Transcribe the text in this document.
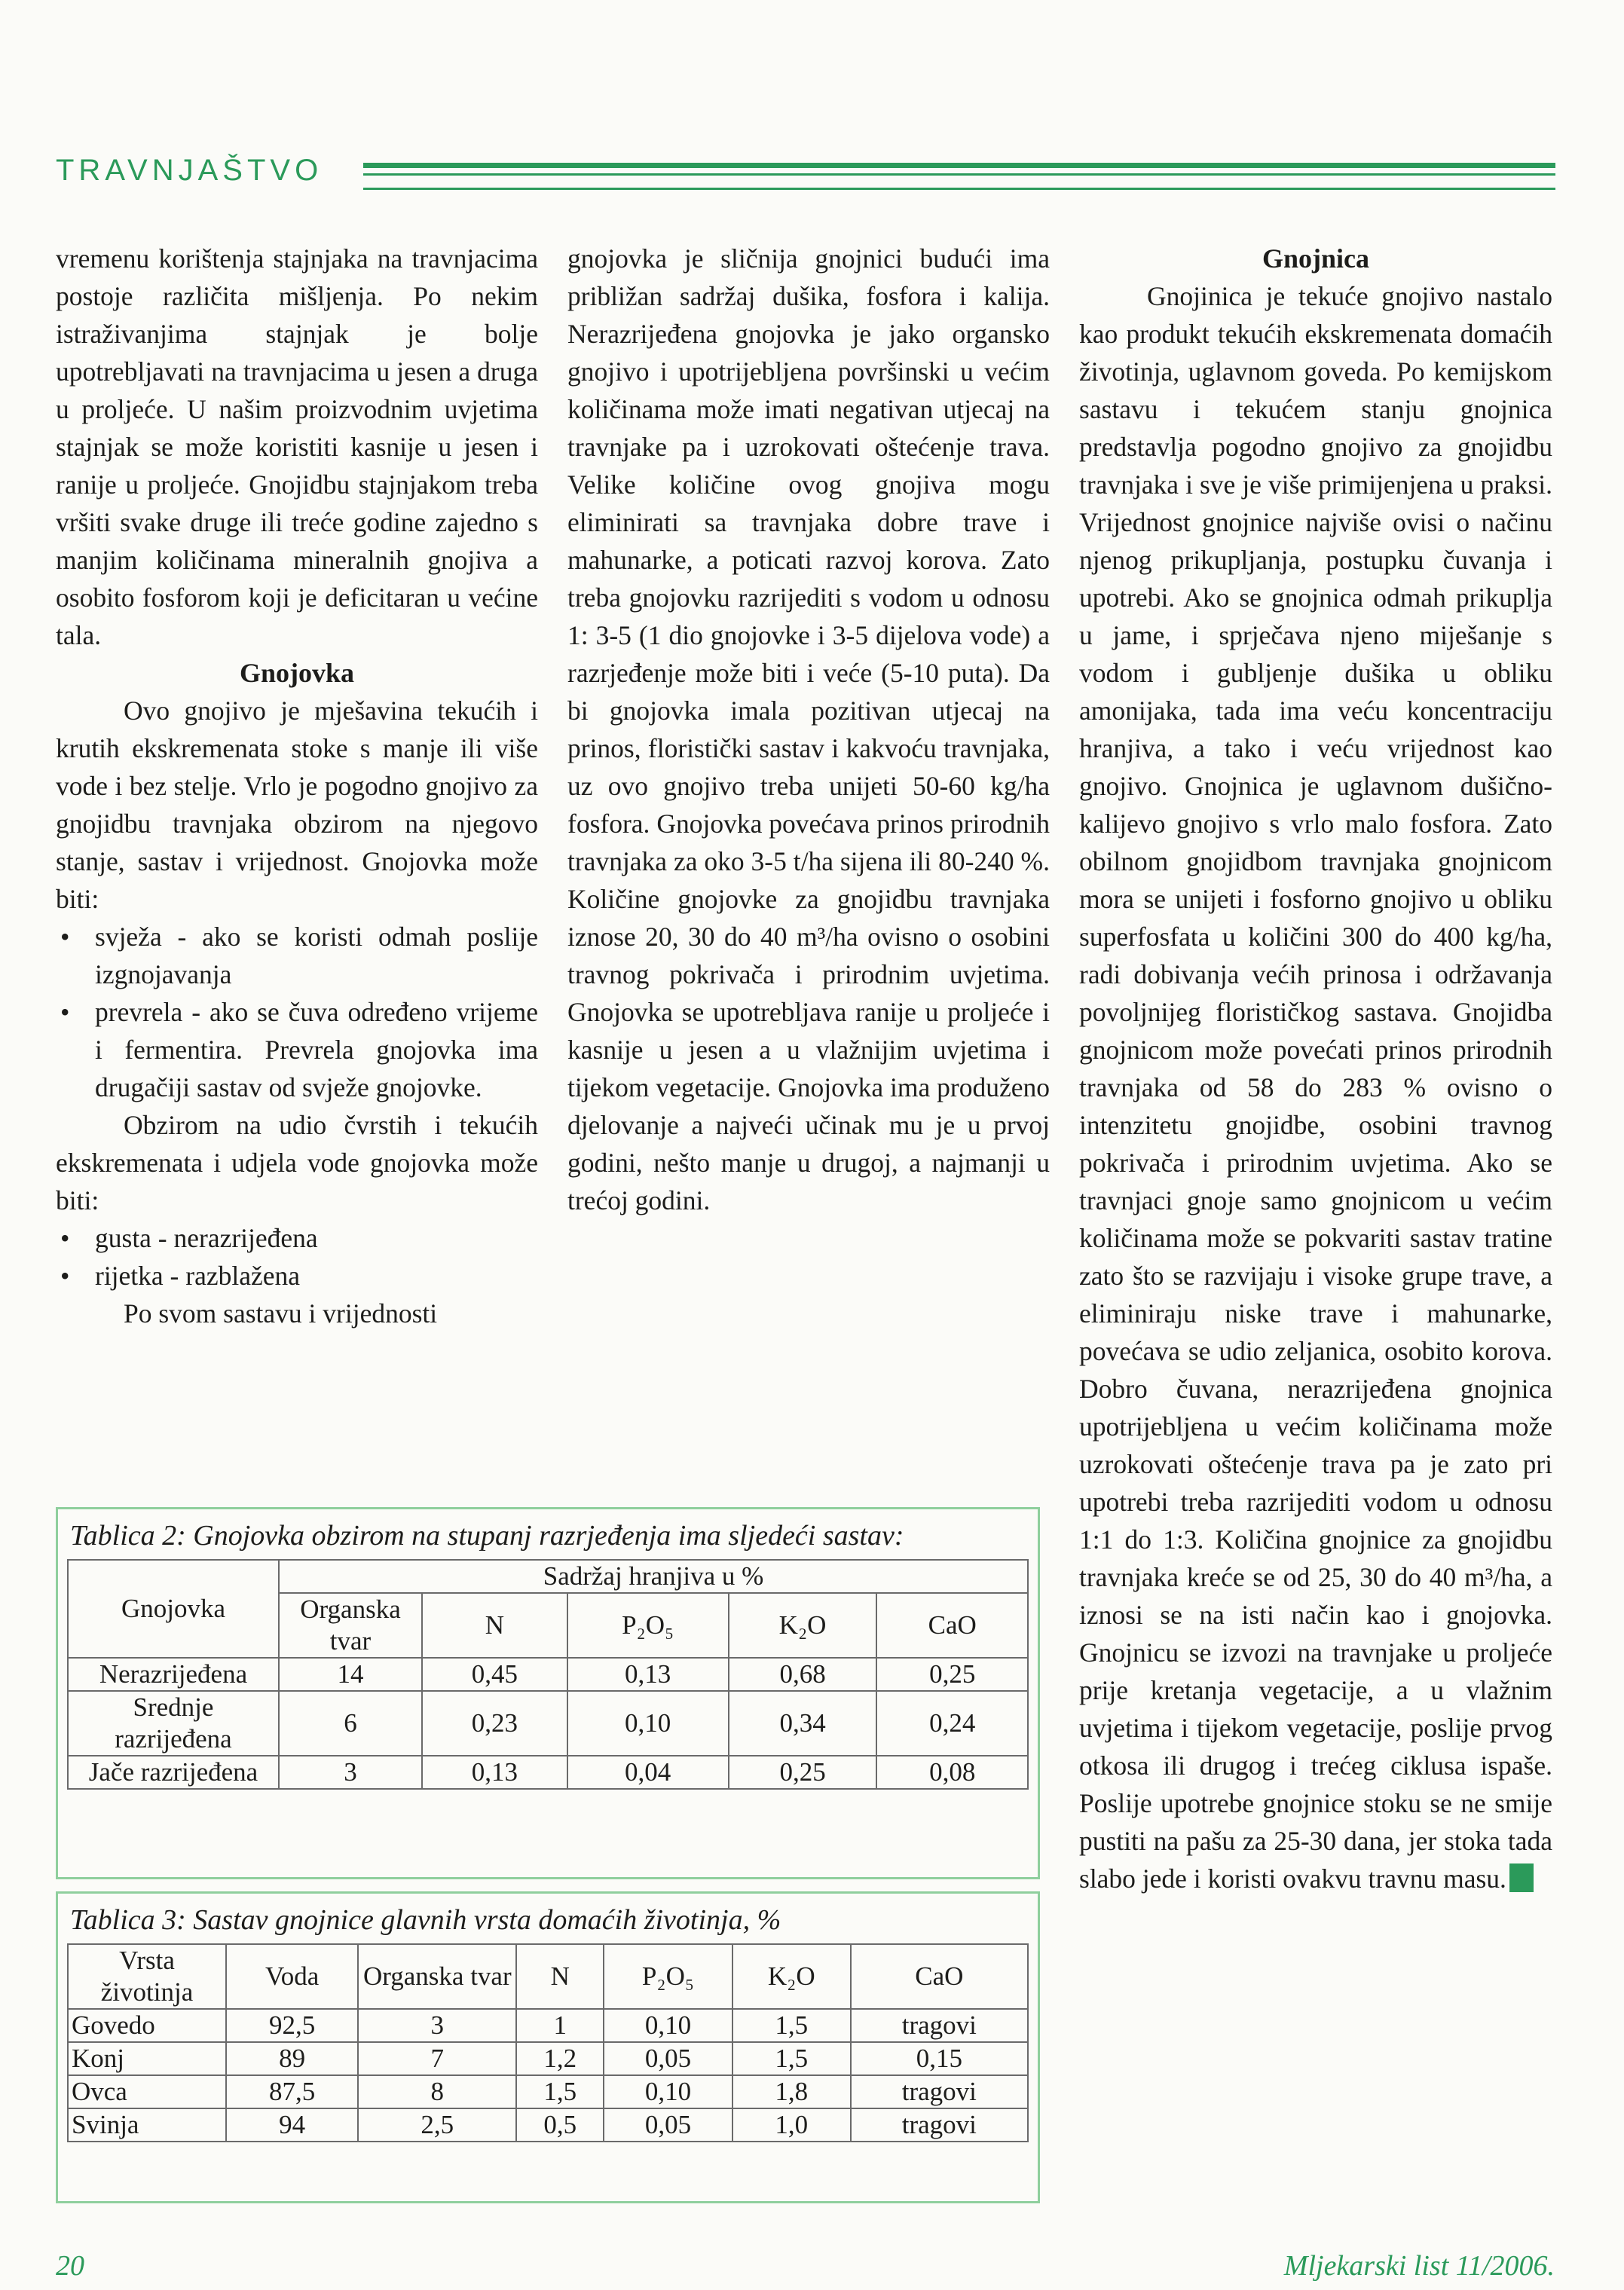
TRAVNJAŠTVO

vremenu korištenja stajnjaka na travnjacima postoje različita mišljenja. Po nekim istraživanjima stajnjak je bolje upotrebljavati na travnjacima u jesen a druga u proljeće. U našim proizvodnim uvjetima stajnjak se može koristiti kasnije u jesen i ranije u proljeće. Gnojidbu stajnjakom treba vršiti svake druge ili treće godine zajedno s manjim količinama mineralnih gnojiva a osobito fosforom koji je deficitaran u većine tala.

Gnojovka

Ovo gnojivo je mješavina tekućih i krutih ekskremenata stoke s manje ili više vode i bez stelje. Vrlo je pogodno gnojivo za gnojidbu travnjaka obzirom na njegovo stanje, sastav i vrijednost. Gnojovka može biti:

• svježa - ako se koristi odmah poslije izgnojavanja
• prevrela - ako se čuva određeno vrijeme i fermentira. Prevrela gnojovka ima drugačiji sastav od svježe gnojovke.

Obzirom na udio čvrstih i tekućih ekskremenata i udjela vode gnojovka može biti:

• gusta - nerazrijeđena
• rijetka - razblažena

Po svom sastavu i vrijednosti

gnojovka je sličnija gnojnici budući ima približan sadržaj dušika, fosfora i kalija. Nerazrijeđena gnojovka je jako organsko gnojivo i upotrijebljena površinski u većim količinama može imati negativan utjecaj na travnjake pa i uzrokovati oštećenje trava. Velike količine ovog gnojiva mogu eliminirati sa travnjaka dobre trave i mahunarke, a poticati razvoj korova. Zato treba gnojovku razrijediti s vodom u odnosu 1: 3-5 (1 dio gnojovke i 3-5 dijelova vode) a razrjeđenje može biti i veće (5-10 puta). Da bi gnojovka imala pozitivan utjecaj na prinos, floristički sastav i kakvoću travnjaka, uz ovo gnojivo treba unijeti 50-60 kg/ha fosfora. Gnojovka povećava prinos prirodnih travnjaka za oko 3-5 t/ha sijena ili 80-240 %. Količine gnojovke za gnojidbu travnjaka iznose 20, 30 do 40 m³/ha ovisno o osobini travnog pokrivača i prirodnim uvjetima. Gnojovka se upotrebljava ranije u proljeće i kasnije u jesen a u vlažnijim uvjetima i tijekom vegetacije. Gnojovka ima produženo djelovanje a najveći učinak mu je u prvoj godini, nešto manje u drugoj, a najmanji u trećoj godini.

Gnojnica

Gnojinica je tekuće gnojivo nastalo kao produkt tekućih ekskremenata domaćih životinja, uglavnom goveda. Po kemijskom sastavu i tekućem stanju gnojnica predstavlja pogodno gnojivo za gnojidbu travnjaka i sve je više primijenjena u praksi. Vrijednost gnojnice najviše ovisi o načinu njenog prikupljanja, postupku čuvanja i upotrebi. Ako se gnojnica odmah prikuplja u jame, i sprječava njeno miješanje s vodom i gubljenje dušika u obliku amonijaka, tada ima veću koncentraciju hranjiva, a tako i veću vrijednost kao gnojivo. Gnojnica je uglavnom dušično-kalijevo gnojivo s vrlo malo fosfora. Zato obilnom gnojidbom travnjaka gnojnicom mora se unijeti i fosforno gnojivo u obliku superfosfata u količini 300 do 400 kg/ha, radi dobivanja većih prinosa i održavanja povoljnijeg florističkog sastava. Gnojidba gnojnicom može povećati prinos prirodnih travnjaka od 58 do 283 % ovisno o intenzitetu gnojidbe, osobini travnog pokrivača i prirodnim uvjetima. Ako se travnjaci gnoje samo gnojnicom u većim količinama može se pokvariti sastav tratine zato što se razvijaju i visoke grupe trave, a eliminiraju niske trave i mahunarke, povećava se udio zeljanica, osobito korova. Dobro čuvana, nerazrijeđena gnojnica upotrijebljena u većim količinama može uzrokovati oštećenje trava pa je zato pri upotrebi treba razrijediti vodom u odnosu 1:1 do 1:3. Količina gnojnice za gnojidbu travnjaka kreće se od 25, 30 do 40 m³/ha, a iznosi se na isti način kao i gnojovka. Gnojnicu se izvozi na travnjake u proljeće prije kretanja vegetacije, a u vlažnim uvjetima i tijekom vegetacije, poslije prvog otkosa ili drugog i trećeg ciklusa ispaše. Poslije upotrebe gnojnice stoku se ne smije pustiti na pašu za 25-30 dana, jer stoka tada slabo jede i koristi ovakvu travnu masu.

Tablica 2: Gnojovka obzirom na stupanj razrjeđenja ima sljedeći sastav:
Gnojovka	Sadržaj hranjiva u %				
	Organska tvar	N	P₂O₅	K₂O	CaO
Nerazrijeđena	14	0,45	0,13	0,68	0,25
Srednje razrijeđena	6	0,23	0,10	0,34	0,24
Jače razrijeđena	3	0,13	0,04	0,25	0,08
Tablica 3: Sastav gnojnice glavnih vrsta domaćih životinja, %
Vrsta životinja	Voda	Organska tvar	N	P₂O₅	K₂O	CaO
Govedo	92,5	3	1	0,10	1,5	tragovi
Konj	89	7	1,2	0,05	1,5	0,15
Ovca	87,5	8	1,5	0,10	1,8	tragovi
Svinja	94	2,5	0,5	0,05	1,0	tragovi
20	Mljekarski list 11/2006.
